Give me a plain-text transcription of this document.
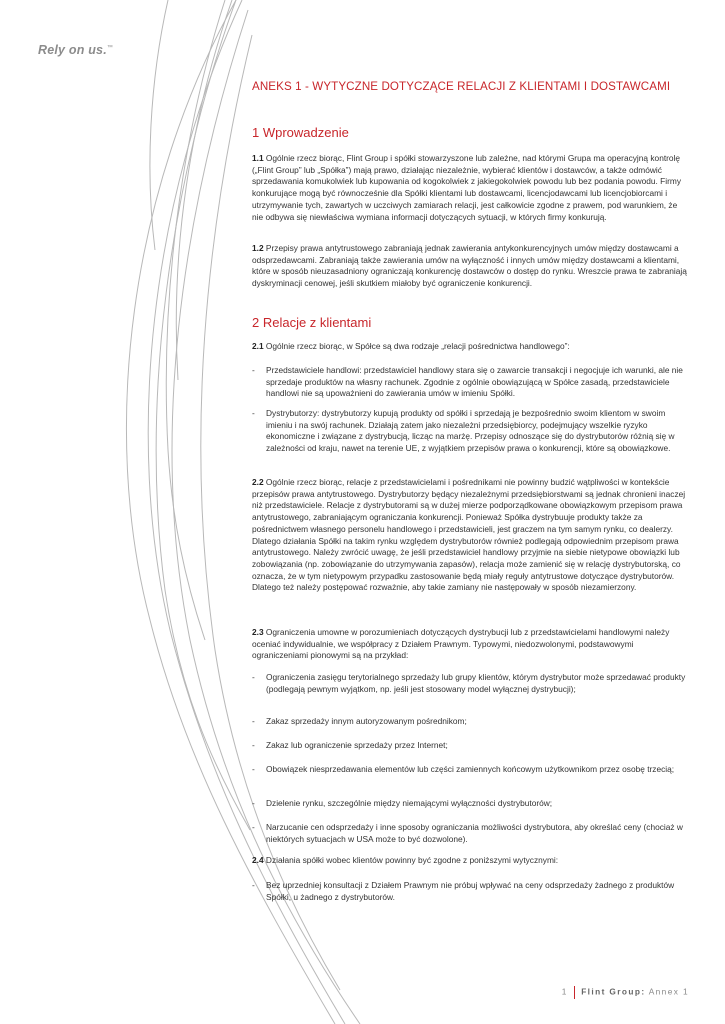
Rely on us.™
ANEKS 1 - WYTYCZNE DOTYCZĄCE RELACJI Z KLIENTAMI I DOSTAWCAMI
1 Wprowadzenie

1.1 Ogólnie rzecz biorąc, Flint Group i spółki stowarzyszone lub zależne, nad którymi Grupa ma operacyjną kontrolę („Flint Group” lub „Spółka”) mają prawo, działając niezależnie, wybierać klientów i dostawców, a także odmówić sprzedawania komukolwiek lub kupowania od kogokolwiek z jakiegokolwiek powodu lub bez podania powodu. Firmy konkurujące mogą być równocześnie dla Spółki klientami lub dostawcami, licencjodawcami lub licencjobiorcami i utrzymywanie tych, zawartych w uczciwych zamiarach relacji, jest całkowicie zgodne z prawem, pod warunkiem, że nie odbywa się niewłaściwa wymiana informacji dotyczących sytuacji, w których firmy konkurują.

1.2 Przepisy prawa antytrustowego zabraniają jednak zawierania antykonkurencyjnych umów między dostawcami a odsprzedawcami. Zabraniają także zawierania umów na wyłączność i innych umów między dostawcami a klientami, które w sposób nieuzasadniony ograniczają konkurencję dostawców o dostęp do rynku. Wreszcie prawa te zabraniają dyskryminacji cenowej, jeśli skutkiem miałoby być ograniczenie konkurencji.

2 Relacje z klientami

2.1 Ogólnie rzecz biorąc, w Spółce są dwa rodzaje „relacji pośrednictwa handlowego”:

- Przedstawiciele handlowi: przedstawiciel handlowy stara się o zawarcie transakcji i negocjuje ich warunki, ale nie sprzedaje produktów na własny rachunek. Zgodnie z ogólnie obowiązującą w Spółce zasadą, przedstawiciele handlowi nie są upoważnieni do zawierania umów w imieniu Spółki.
- Dystrybutorzy: dystrybutorzy kupują produkty od spółki i sprzedają je bezpośrednio swoim klientom w swoim imieniu i na swój rachunek. Działają zatem jako niezależni przedsiębiorcy, podejmujący wszelkie ryzyko ekonomiczne i związane z dystrybucją, licząc na marżę. Przepisy odnoszące się do dystrybutorów różnią się w zależności od kraju, nawet na terenie UE, z wyjątkiem przepisów prawa o konkurencji, które są obowiązkowe.

2.2 Ogólnie rzecz biorąc, relacje z przedstawicielami i pośrednikami nie powinny budzić wątpliwości w kontekście przepisów prawa antytrustowego. Dystrybutorzy będący niezależnymi przedsiębiorstwami są jednak chronieni inaczej niż przedstawiciele. Relacje z dystrybutorami są w dużej mierze podporządkowane obowiązkowym przepisom prawa antytrustowego, zabraniającym ograniczania konkurencji. Ponieważ Spółka dystrybuuje produkty także za pośrednictwem własnego personelu handlowego i przedstawicieli, jest graczem na tym samym rynku, co dealerzy. Dlatego działania Spółki na takim rynku względem dystrybutorów również podlegają odpowiednim przepisom prawa antytrustowego. Należy zwrócić uwagę, że jeśli przedstawiciel handlowy przyjmie na siebie nietypowe obowiązki lub zobowiązania (np. zobowiązanie do utrzymywania zapasów), relacja może zamienić się w relację dystrybutorską, co oznacza, że w tym nietypowym przypadku zastosowanie będą miały reguły antytrustowe dotyczące dystrybutorów. Dlatego też należy postępować rozważnie, aby takie zamiany nie następowały w sposób niezamierzony.

2.3 Ograniczenia umowne w porozumieniach dotyczących dystrybucji lub z przedstawicielami handlowymi należy oceniać indywidualnie, we współpracy z Działem Prawnym. Typowymi, niedozwolonymi, podstawowymi ograniczeniami pionowymi są na przykład:

- Ograniczenia zasięgu terytorialnego sprzedaży lub grupy klientów, którym dystrybutor może sprzedawać produkty (podlegają pewnym wyjątkom, np. jeśli jest stosowany model wyłącznej dystrybucji);
- Zakaz sprzedaży innym autoryzowanym pośrednikom;
- Zakaz lub ograniczenie sprzedaży przez Internet;
- Obowiązek niesprzedawania elementów lub części zamiennych końcowym użytkownikom przez osobę trzecią;
- Dzielenie rynku, szczególnie między niemającymi wyłączności dystrybutorów;
- Narzucanie cen odsprzedaży i inne sposoby ograniczania możliwości dystrybutora, aby określać ceny (chociaż w niektórych sytuacjach w USA może to być dozwolone).

2.4 Działania spółki wobec klientów powinny być zgodne z poniższymi wytycznymi:

- Bez uprzedniej konsultacji z Działem Prawnym nie próbuj wpływać na ceny odsprzedaży żadnego z produktów Spółki, u żadnego z dystrybutorów.
1 Flint Group: Annex 1
